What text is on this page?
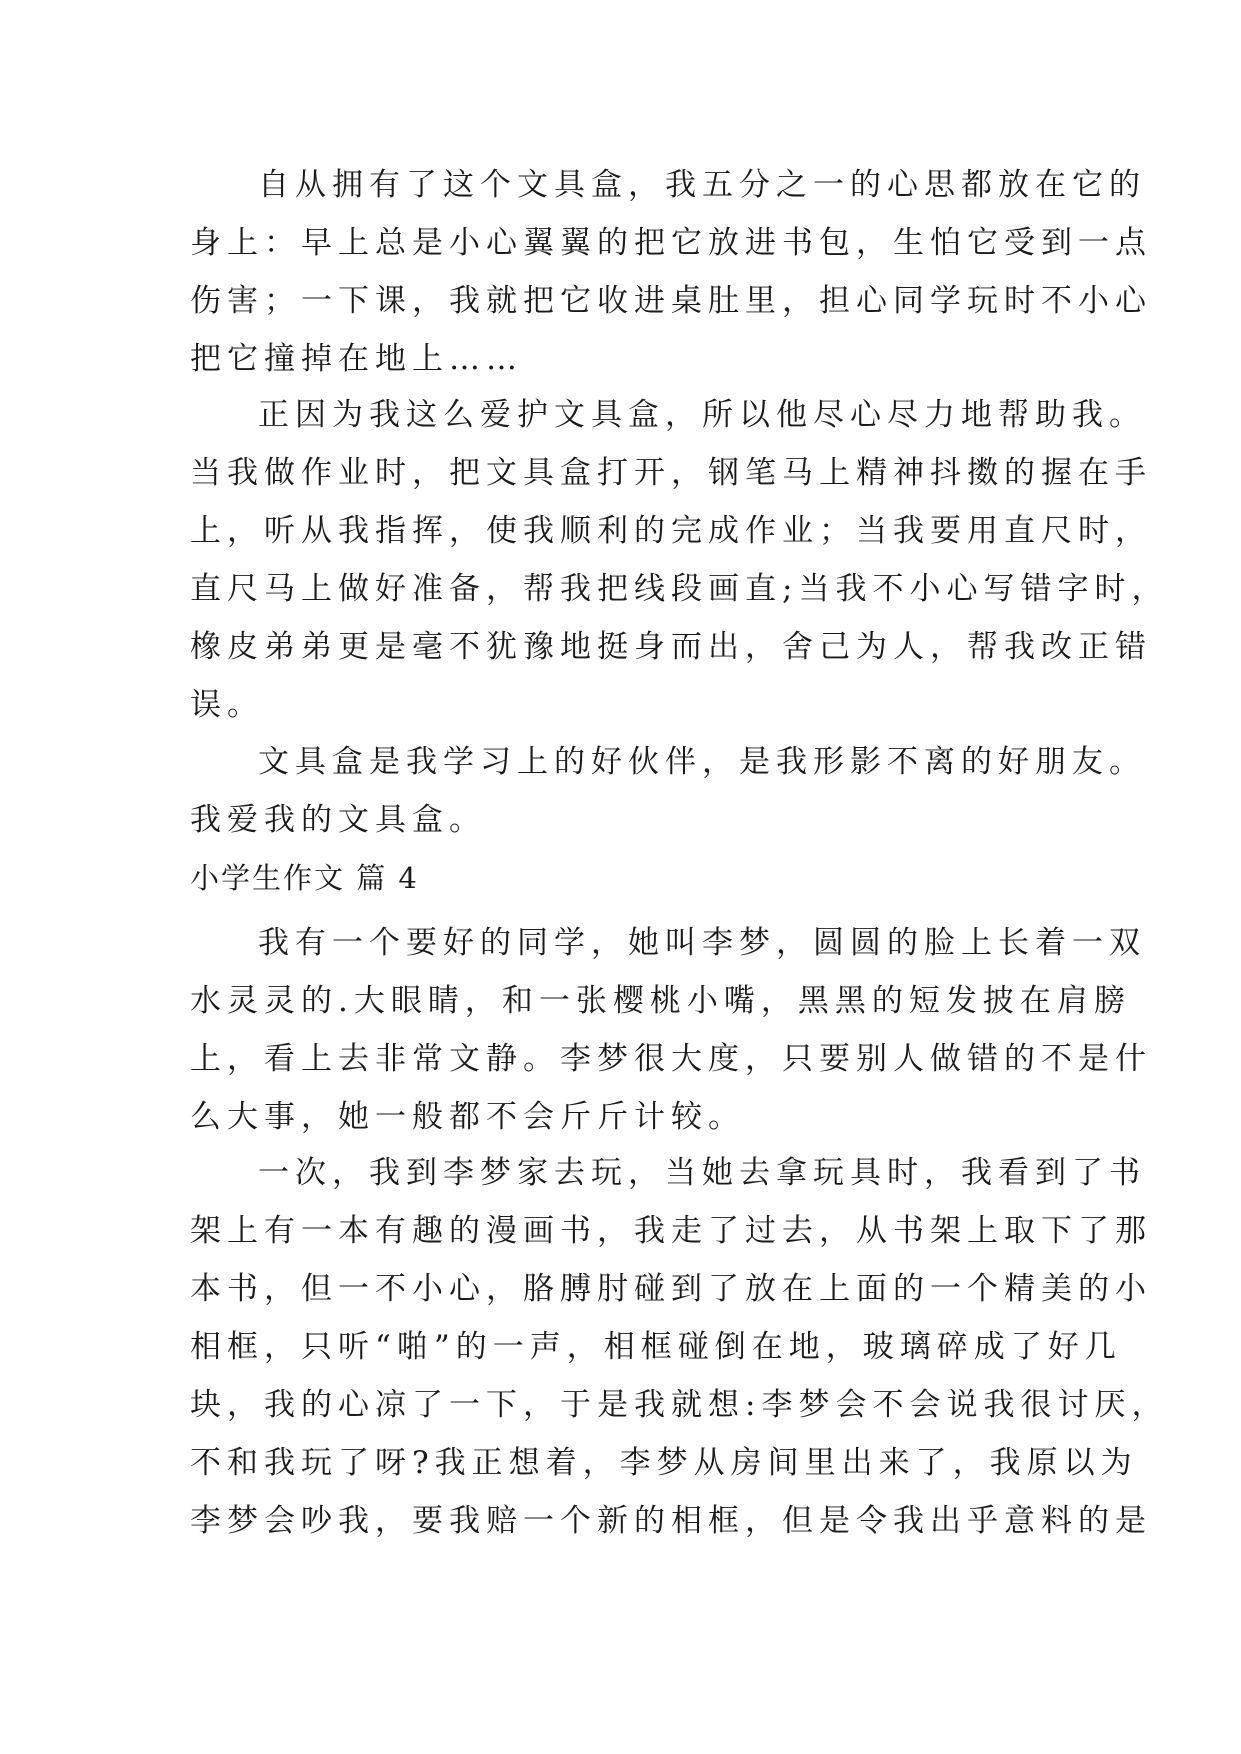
自从拥有了这个文具盒，我五分之一的心思都放在它的
身上：早上总是小心翼翼的把它放进书包，生怕它受到一点
伤害；一下课，我就把它收进桌肚里，担心同学玩时不小心
把它撞掉在地上……
正因为我这么爱护文具盒，所以他尽心尽力地帮助我。
当我做作业时，把文具盒打开，钢笔马上精神抖擞的握在手
上，听从我指挥，使我顺利的完成作业；当我要用直尺时，
直尺马上做好准备，帮我把线段画直;当我不小心写错字时，
橡皮弟弟更是毫不犹豫地挺身而出，舍己为人，帮我改正错
误。
文具盒是我学习上的好伙伴，是我形影不离的好朋友。
我爱我的文具盒。
小学生作文 篇 4
我有一个要好的同学，她叫李梦，圆圆的脸上长着一双
水灵灵的.大眼睛，和一张樱桃小嘴，黑黑的短发披在肩膀
上，看上去非常文静。李梦很大度，只要别人做错的不是什
么大事，她一般都不会斤斤计较。
一次，我到李梦家去玩，当她去拿玩具时，我看到了书
架上有一本有趣的漫画书，我走了过去，从书架上取下了那
本书，但一不小心，胳膊肘碰到了放在上面的一个精美的小
相框，只听“啪”的一声，相框碰倒在地，玻璃碎成了好几
块，我的心凉了一下，于是我就想:李梦会不会说我很讨厌，
不和我玩了呀?我正想着，李梦从房间里出来了，我原以为
李梦会吵我，要我赔一个新的相框，但是令我出乎意料的是
